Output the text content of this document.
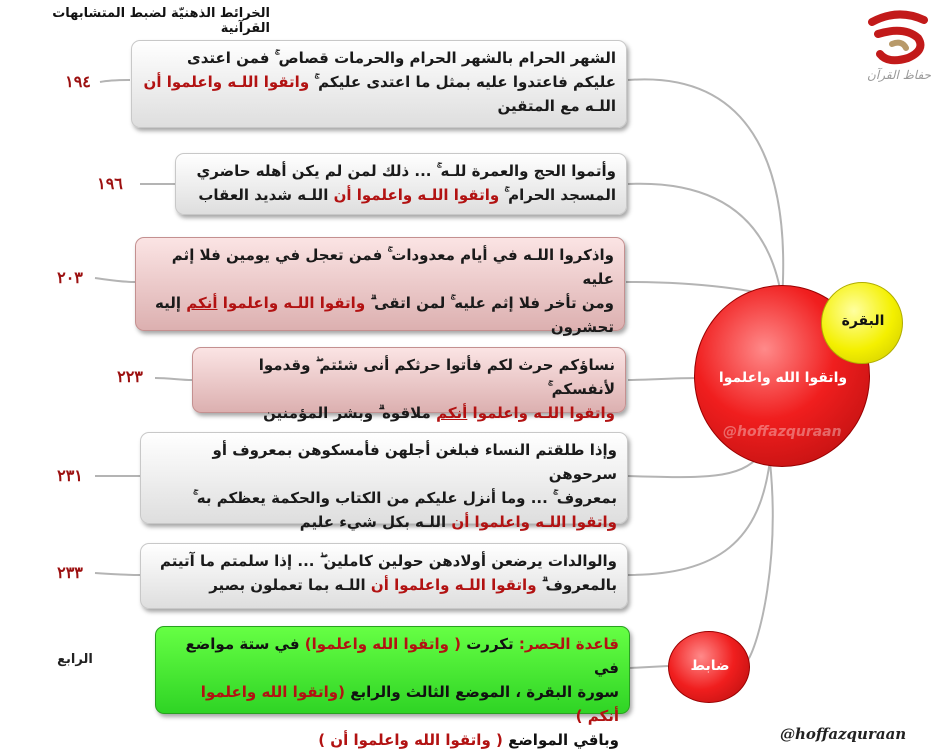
الخرائط الذهنيّة لضبط المتشابهات القرآنية
حفاظ القرآن
الشهر الحرام بالشهر الحرام والحرمات قصاص ۚ فمن اعتدى
عليكم فاعتدوا عليه بمثل ما اعتدى عليكم ۚ واتقوا اللـه واعلموا أن
اللـه مع المتقين
١٩٤
وأتموا الحج والعمرة للـه ۚ ... ذلك لمن لم يكن أهله حاضري
المسجد الحرام ۚ واتقوا اللـه واعلموا أن اللـه شديد العقاب
١٩٦
واذكروا اللـه في أيام معدودات ۚ فمن تعجل في يومين فلا إثم عليه
ومن تأخر فلا إثم عليه ۚ لمن اتقى ۗ واتقوا اللـه واعلموا أنكم إليه
تحشرون
٢٠٣
نساؤكم حرث لكم فأتوا حرثكم أنى شئتم ۖ وقدموا لأنفسكم ۚ
واتقوا اللـه واعلموا أنكم ملاقوه ۗ وبشر المؤمنين
٢٢٣
وإذا طلقتم النساء فبلغن أجلهن فأمسكوهن بمعروف أو سرحوهن
بمعروف ۚ ... وما أنزل عليكم من الكتاب والحكمة يعظكم به ۚ
واتقوا اللـه واعلموا أن اللـه بكل شيء عليم
٢٣١
والوالدات يرضعن أولادهن حولين كاملين ۖ ... إذا سلمتم ما آتيتم
بالمعروف ۗ واتقوا اللـه واعلموا أن اللـه بما تعملون بصير
٢٣٣
قاعدة الحصر: تكررت ( واتقوا الله واعلموا) في ستة مواضع في
سورة البقرة ، الموضع الثالث والرابع (واتقوا الله واعلموا أنكم )
وباقي المواضع ( واتقوا الله واعلموا أن )
الرابع
واتقوا الله واعلموا
@hoffazquraan
البقرة
ضابط
@hoffazquraan
